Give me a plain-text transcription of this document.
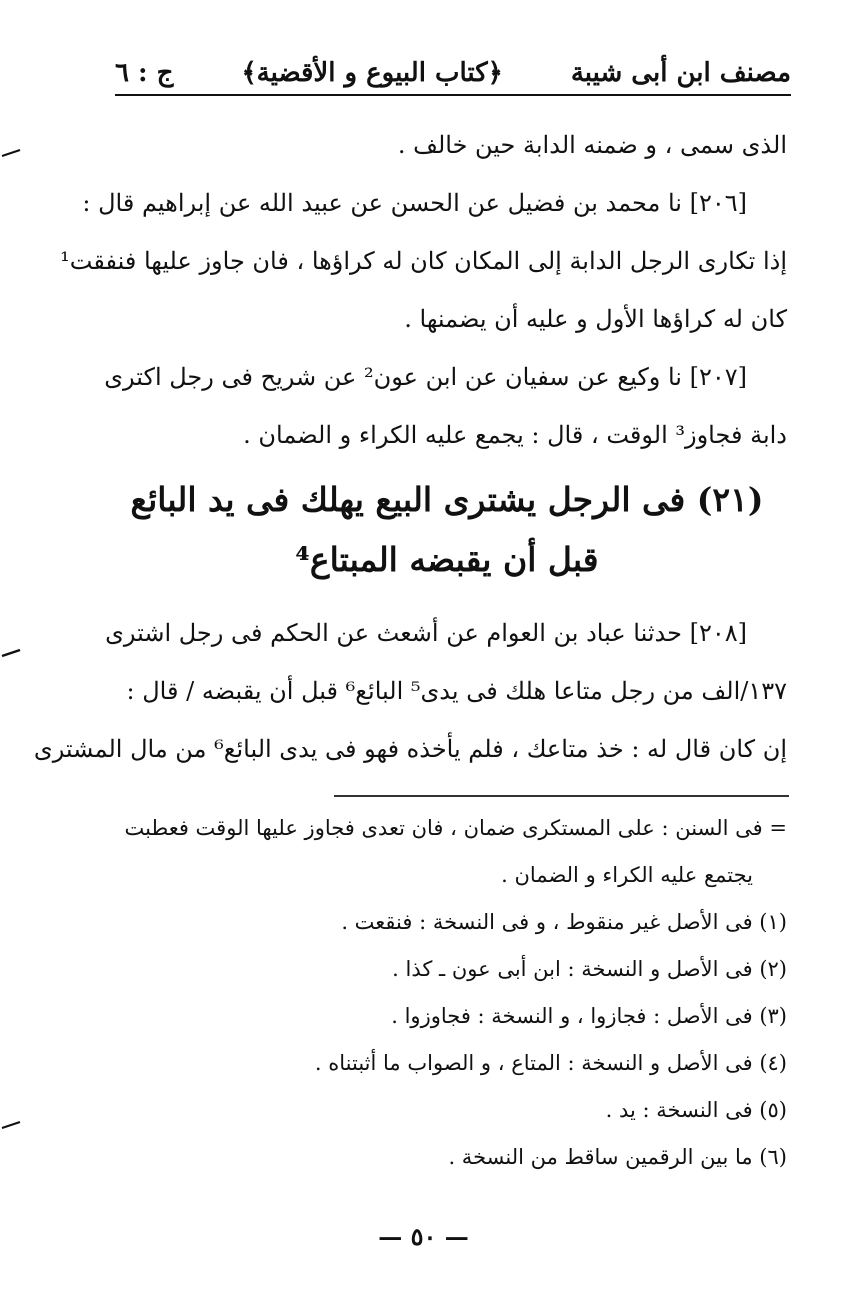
مصنف ابن أبى شيبة
﴿كتاب البيوع و الأقضية﴾
ج : ٦
الذى سمى ، و ضمنه الدابة حين خالف .
[٢٠٦] نا محمد بن فضيل عن الحسن عن عبيد الله عن إبراهيم قال :
إذا تكارى الرجل الدابة إلى المكان كان له كراؤها ، فان جاوز عليها فنفقت¹
كان له كراؤها الأول و عليه أن يضمنها .
[٢٠٧] نا وكيع عن سفيان عن ابن عون² عن شريح فى رجل اكترى
دابة فجاوز³ الوقت ، قال : يجمع عليه الكراء و الضمان .
(٢١) فى الرجل يشترى البيع يهلك فى يد البائع
قبل أن يقبضه المبتاع⁴
[٢٠٨] حدثنا عباد بن العوام عن أشعث عن الحكم فى رجل اشترى
١٣٧/الف من رجل متاعا هلك فى يدى⁵ البائع⁶ قبل أن يقبضه / قال :
إن كان قال له : خذ متاعك ، فلم يأخذه فهو فى يدى البائع⁶ من مال المشترى
= فى السنن : على المستكرى ضمان ، فان تعدى فجاوز عليها الوقت فعطبت
يجتمع عليه الكراء و الضمان .
(١) فى الأصل غير منقوط ، و فى النسخة : فنقعت .
(٢) فى الأصل و النسخة : ابن أبى عون ـ كذا .
(٣) فى الأصل : فجازوا ، و النسخة : فجاوزوا .
(٤) فى الأصل و النسخة : المتاع ، و الصواب ما أثبتناه .
(٥) فى النسخة : يد .
(٦) ما بين الرقمين ساقط من النسخة .
— ٥٠ —
